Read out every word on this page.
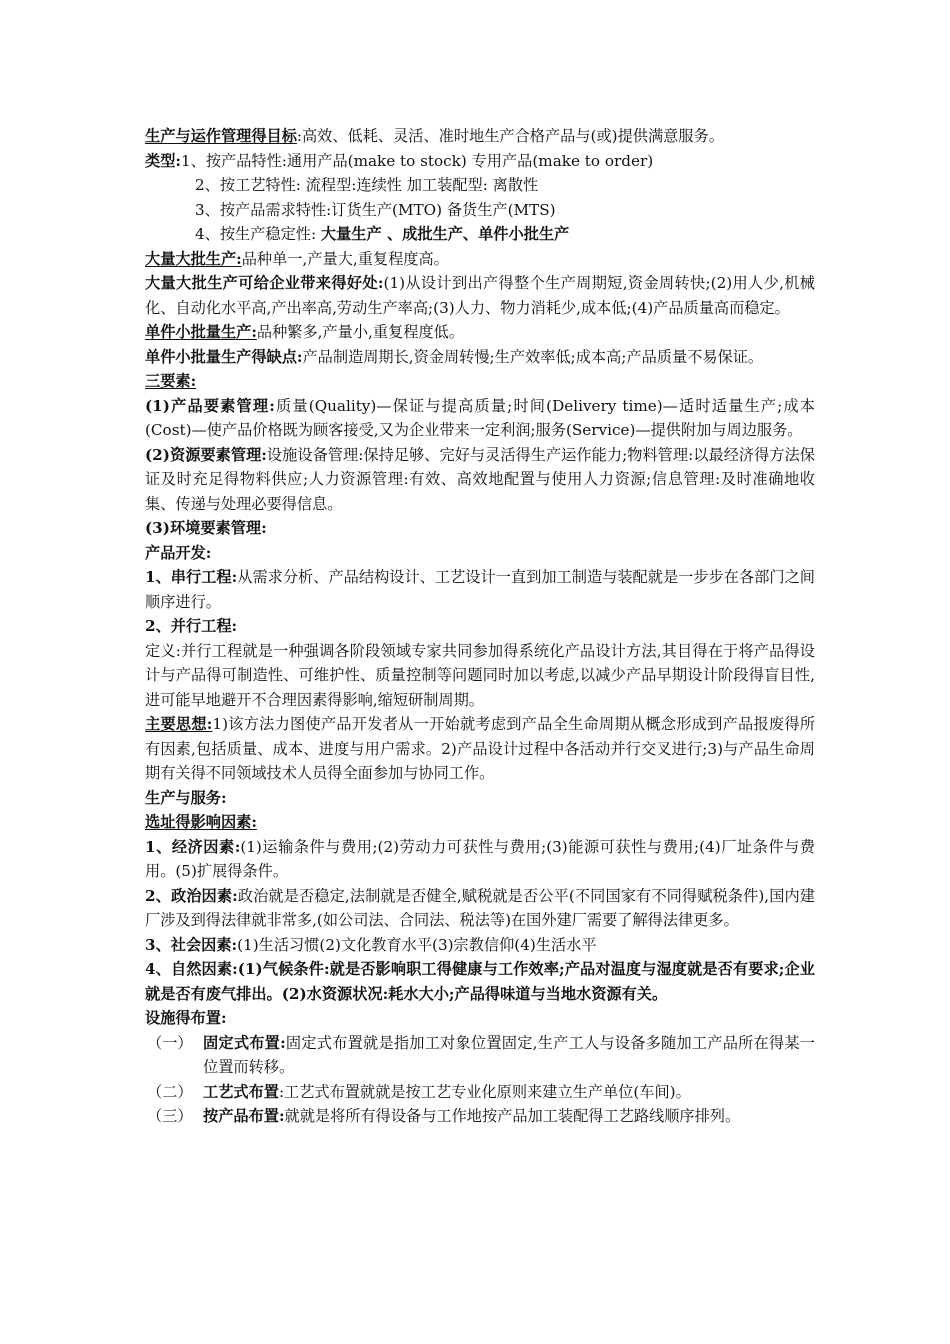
生产与运作管理得目标:高效、低耗、灵活、准时地生产合格产品与(或)提供满意服务。

类型:1、按产品特性:通用产品(make to stock) 专用产品(make to order)

2、按工艺特性: 流程型:连续性 加工装配型: 离散性

3、按产品需求特性:订货生产(MTO) 备货生产(MTS)

4、按生产稳定性: 大量生产 、成批生产、单件小批生产

大量大批生产:品种单一,产量大,重复程度高。

大量大批生产可给企业带来得好处:(1)从设计到出产得整个生产周期短,资金周转快;(2)用人少,机械化、自动化水平高,产出率高,劳动生产率高;(3)人力、物力消耗少,成本低;(4)产品质量高而稳定。

单件小批量生产:品种繁多,产量小,重复程度低。

单件小批量生产得缺点:产品制造周期长,资金周转慢;生产效率低;成本高;产品质量不易保证。

三要素:

(1)产品要素管理:质量(Quality)—保证与提高质量;时间(Delivery time)—适时适量生产;成本(Cost)—使产品价格既为顾客接受,又为企业带来一定利润;服务(Service)—提供附加与周边服务。

(2)资源要素管理:设施设备管理:保持足够、完好与灵活得生产运作能力;物料管理:以最经济得方法保证及时充足得物料供应;人力资源管理:有效、高效地配置与使用人力资源;信息管理:及时准确地收集、传递与处理必要得信息。

(3)环境要素管理:

产品开发:

1、串行工程:从需求分析、产品结构设计、工艺设计一直到加工制造与装配就是一步步在各部门之间顺序进行。

2、并行工程:

定义:并行工程就是一种强调各阶段领域专家共同参加得系统化产品设计方法,其目得在于将产品得设计与产品得可制造性、可维护性、质量控制等问题同时加以考虑,以减少产品早期设计阶段得盲目性,进可能早地避开不合理因素得影响,缩短研制周期。

主要思想:1)该方法力图使产品开发者从一开始就考虑到产品全生命周期从概念形成到产品报废得所有因素,包括质量、成本、进度与用户需求。2)产品设计过程中各活动并行交叉进行;3)与产品生命周期有关得不同领域技术人员得全面参加与协同工作。

生产与服务:

选址得影响因素:

1、经济因素:(1)运输条件与费用;(2)劳动力可获性与费用;(3)能源可获性与费用;(4)厂址条件与费用。(5)扩展得条件。

2、政治因素:政治就是否稳定,法制就是否健全,赋税就是否公平(不同国家有不同得赋税条件),国内建厂涉及到得法律就非常多,(如公司法、合同法、税法等)在国外建厂需要了解得法律更多。

3、社会因素:(1)生活习惯(2)文化教育水平(3)宗教信仰(4)生活水平

4、自然因素:(1)气候条件:就是否影响职工得健康与工作效率;产品对温度与湿度就是否有要求;企业就是否有废气排出。(2)水资源状况:耗水大小;产品得味道与当地水资源有关。

设施得布置:

（一） 固定式布置:固定式布置就是指加工对象位置固定,生产工人与设备多随加工产品所在得某一位置而转移。
（二） 工艺式布置:工艺式布置就就是按工艺专业化原则来建立生产单位(车间)。
（三） 按产品布置:就就是将所有得设备与工作地按产品加工装配得工艺路线顺序排列。
